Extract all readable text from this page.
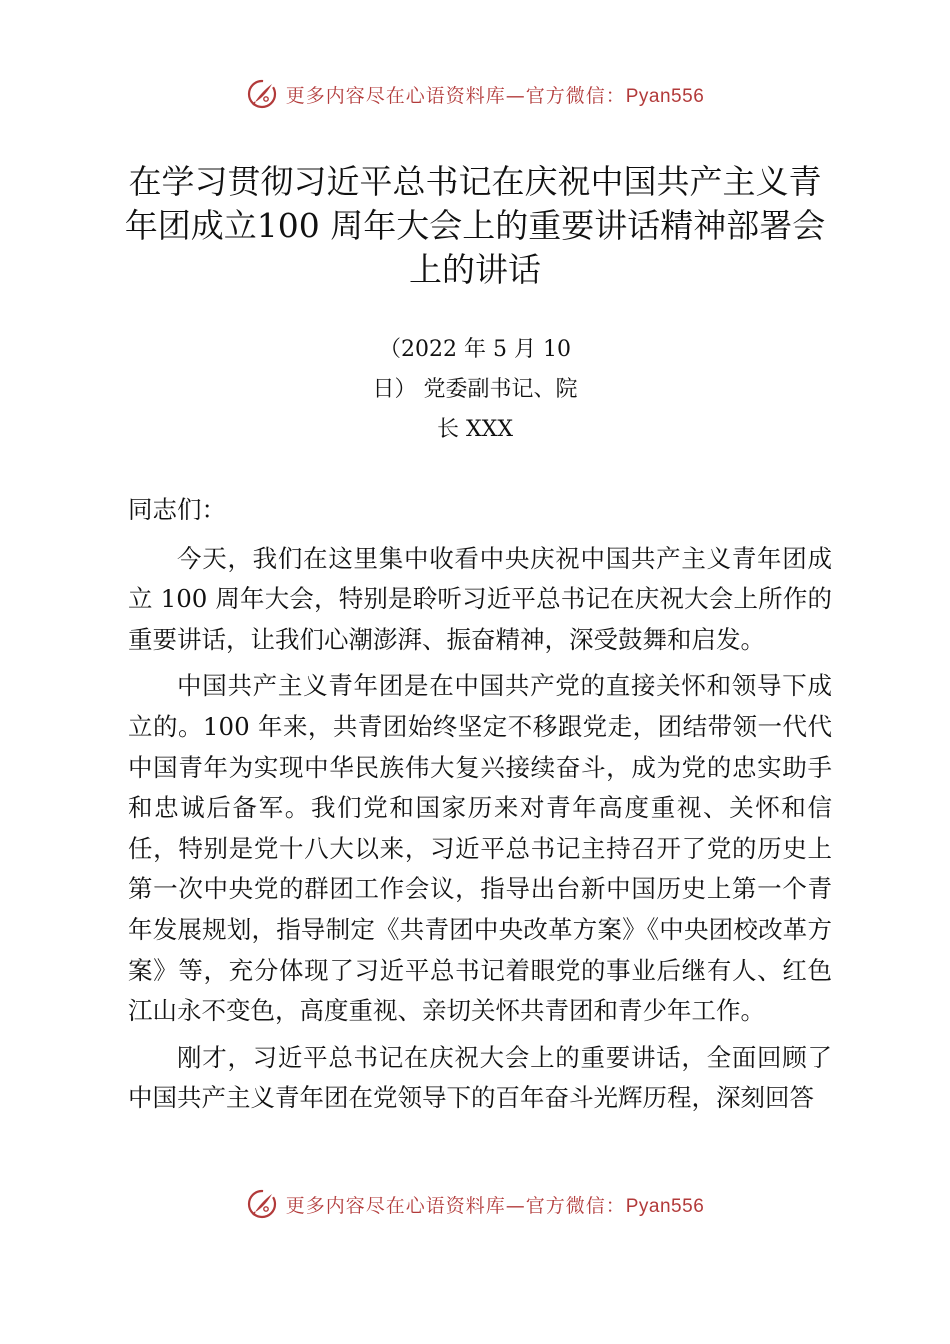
更多内容尽在心语资料库—官方微信：Pyan556
在学习贯彻习近平总书记在庆祝中国共产主义青年团成立100 周年大会上的重要讲话精神部署会上的讲话
（2022 年 5 月 10
日） 党委副书记、院
长 XXX

同志们：

今天，我们在这里集中收看中央庆祝中国共产主义青年团成立 100 周年大会，特别是聆听习近平总书记在庆祝大会上所作的重要讲话，让我们心潮澎湃、振奋精神，深受鼓舞和启发。

中国共产主义青年团是在中国共产党的直接关怀和领导下成立的。100 年来，共青团始终坚定不移跟党走，团结带领一代代中国青年为实现中华民族伟大复兴接续奋斗，成为党的忠实助手和忠诚后备军。我们党和国家历来对青年高度重视、关怀和信任，特别是党十八大以来，习近平总书记主持召开了党的历史上第一次中央党的群团工作会议，指导出台新中国历史上第一个青年发展规划，指导制定《共青团中央改革方案》《中央团校改革方案》等，充分体现了习近平总书记着眼党的事业后继有人、红色江山永不变色，高度重视、亲切关怀共青团和青少年工作。

刚才，习近平总书记在庆祝大会上的重要讲话，全面回顾了中国共产主义青年团在党领导下的百年奋斗光辉历程，深刻回答

更多内容尽在心语资料库—官方微信：Pyan556
